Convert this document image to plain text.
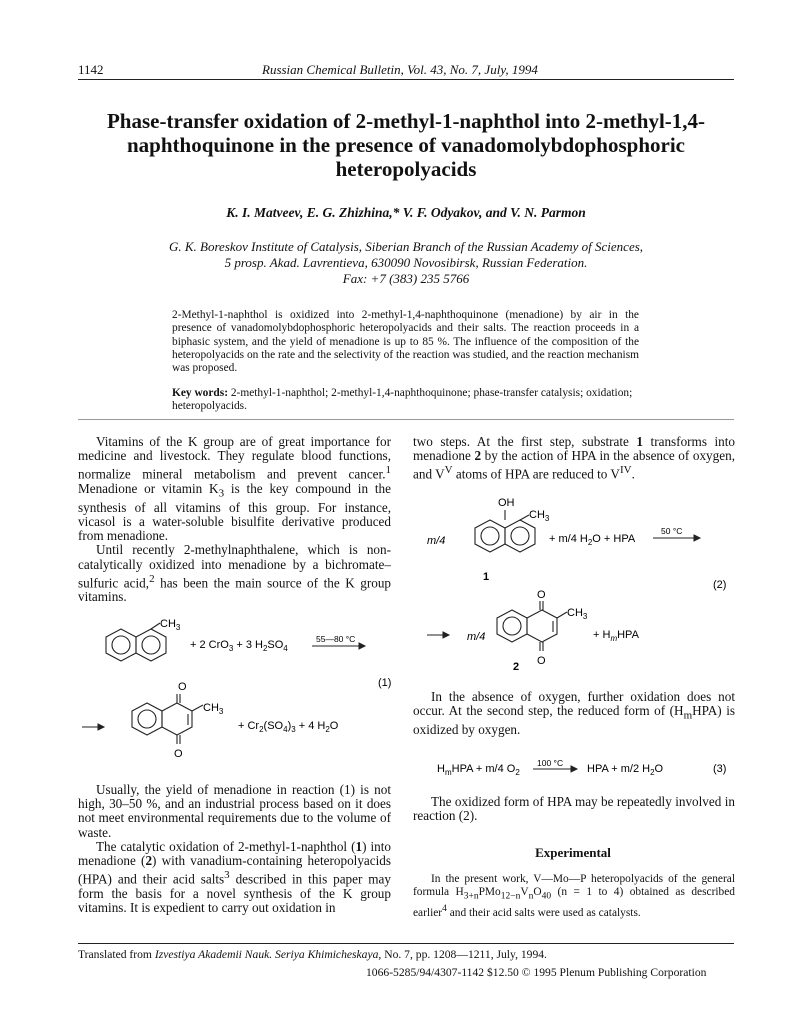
1142	Russian Chemical Bulletin, Vol. 43, No. 7, July, 1994
Phase-transfer oxidation of 2-methyl-1-naphthol into 2-methyl-1,4-naphthoquinone in the presence of vanadomolybdophosphoric heteropolyacids
K. I. Matveev, E. G. Zhizhina,* V. F. Odyakov, and V. N. Parmon
G. K. Boreskov Institute of Catalysis, Siberian Branch of the Russian Academy of Sciences,
5 prosp. Akad. Lavrentieva, 630090 Novosibirsk, Russian Federation.
Fax: +7 (383) 235 5766
2-Methyl-1-naphthol is oxidized into 2-methyl-1,4-naphthoquinone (menadione) by air in the presence of vanadomolybdophosphoric heteropolyacids and their salts. The reaction proceeds in a biphasic system, and the yield of menadione is up to 85 %. The influence of the composition of the heteropolyacids on the rate and the selectivity of the reaction was studied, and the reaction mechanism was proposed.
Key words: 2-methyl-1-naphthol; 2-methyl-1,4-naphthoquinone; phase-transfer catalysis; oxidation; heteropolyacids.

Vitamins of the K group are of great importance for medicine and livestock. They regulate blood functions, normalize mineral metabolism and prevent cancer.$^1$ Menadione or vitamin $K_3$ is the key compound in the synthesis of all vitamins of this group. For instance, vicasol is a water-soluble bisulfite derivative produced from menadione.

Until recently 2-methylnaphthalene, which is non-catalytically oxidized into menadione by a bichromate–sulfuric acid,$^2$ has been the main source of the K group vitamins.

$CH_3$
+ 2 CrO$_3$ + 3 $H_2SO_4$
55—80 °C
(1)
O
$CH_3$
O
+ $Cr_2(SO_4)_3 + 4$ $H_2O$

Usually, the yield of menadione in reaction (1) is not high, 30–50 %, and an industrial process based on it does not meet environmental requirements due to the volume of waste.

The catalytic oxidation of 2-methyl-1-naphthol (1) into menadione (2) with vanadium-containing heteropolyacids (HPA) and their acid salts$^3$ described in this paper may form the basis for a novel synthesis of the K group vitamins. It is expedient to carry out oxidation in

two steps. At the first step, substrate 1 transforms into menadione 2 by the action of HPA in the absence of oxygen, and $V^V$ atoms of HPA are reduced to $V^{IV}$.

OH
$CH_3$
m/4	+ m/4 $H_2O$ + HPA
50 °C
1
(2)
m/4
O
$CH_3$
O
2
+ $H_mHPA$

In the absence of oxygen, further oxidation does not occur. At the second step, the reduced form of $(H_mHPA)$ is oxidized by oxygen.

$H_mHPA + m/4$ $O_2$
100 °C HPA + m/2 $H_2O$	(3)

The oxidized form of HPA may be repeatedly involved in reaction (2).

Experimental
In the present work, V—Mo—P heteropolyacids of the general formula $H_{3+n}PMo_{12-n}V_nO_{40}$ (n = 1 to 4) obtained as described earlier$^4$ and their acid salts were used as catalysts.
Translated from Izvestiya Akademii Nauk. Seriya Khimicheskaya, No. 7, pp. 1208—1211, July, 1994.
1066-5285/94/4307-1142 $12.50 © 1995 Plenum Publishing Corporation
